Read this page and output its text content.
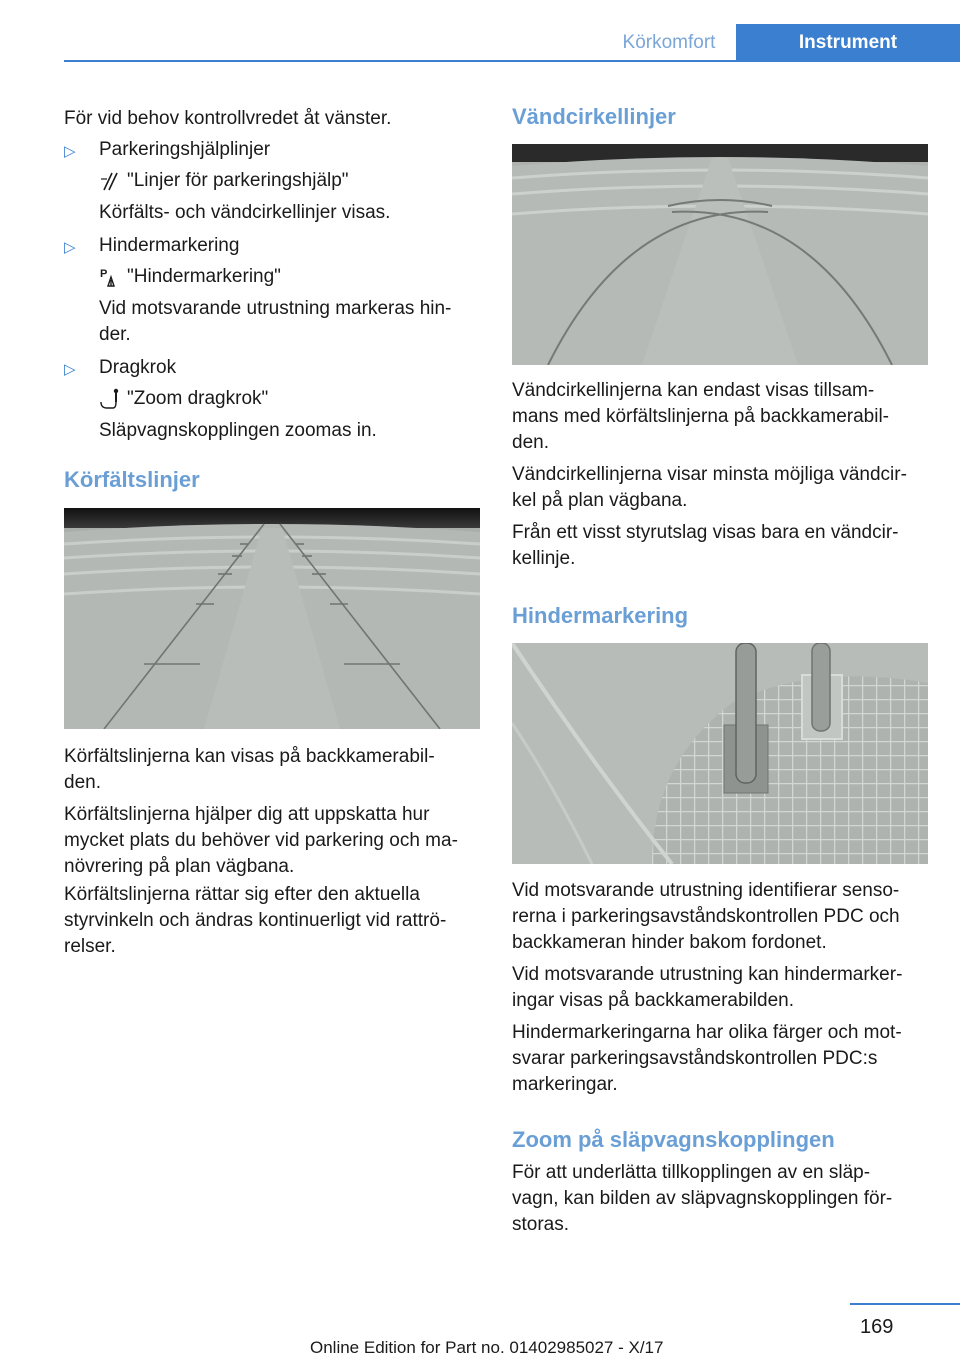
Körkomfort	Instrument

För vid behov kontrollvredet åt vänster.

▷ Parkeringshjälplinjer
"Linjer för parkeringshjälp"

Körfälts- och vändcirkellinjer visas.

▷ Hindermarkering
P "Hindermarkering"

Vid motsvarande utrustning markeras hin-

der.

▷ Dragkrok
"Zoom dragkrok"

Släpvagnskopplingen zoomas in.

Körfältslinjer

Körfältslinjerna kan visas på backkamerabil-

den.

Körfältslinjerna hjälper dig att uppskatta hur

mycket plats du behöver vid parkering och ma-

növrering på plan vägbana.

Körfältslinjerna rättar sig efter den aktuella

styrvinkeln och ändras kontinuerligt vid rattrö-

relser.

Vändcirkellinjer

Vändcirkellinjerna kan endast visas tillsam-

mans med körfältslinjerna på backkamerabil-

den.

Vändcirkellinjerna visar minsta möjliga vändcir-

kel på plan vägbana.

Från ett visst styrutslag visas bara en vändcir-

kellinje.

Hindermarkering

Vid motsvarande utrustning identifierar senso-

rerna i parkeringsavståndskontrollen PDC och

backkameran hinder bakom fordonet.

Vid motsvarande utrustning kan hindermarker-

ingar visas på backkamerabilden.

Hindermarkeringarna har olika färger och mot-

svarar parkeringsavståndskontrollen PDC:s

markeringar.

Zoom på släpvagnskopplingen

För att underlätta tillkopplingen av en släp-

vagn, kan bilden av släpvagnskopplingen för-

storas.

169
Online Edition for Part no. 01402985027 - X/17
